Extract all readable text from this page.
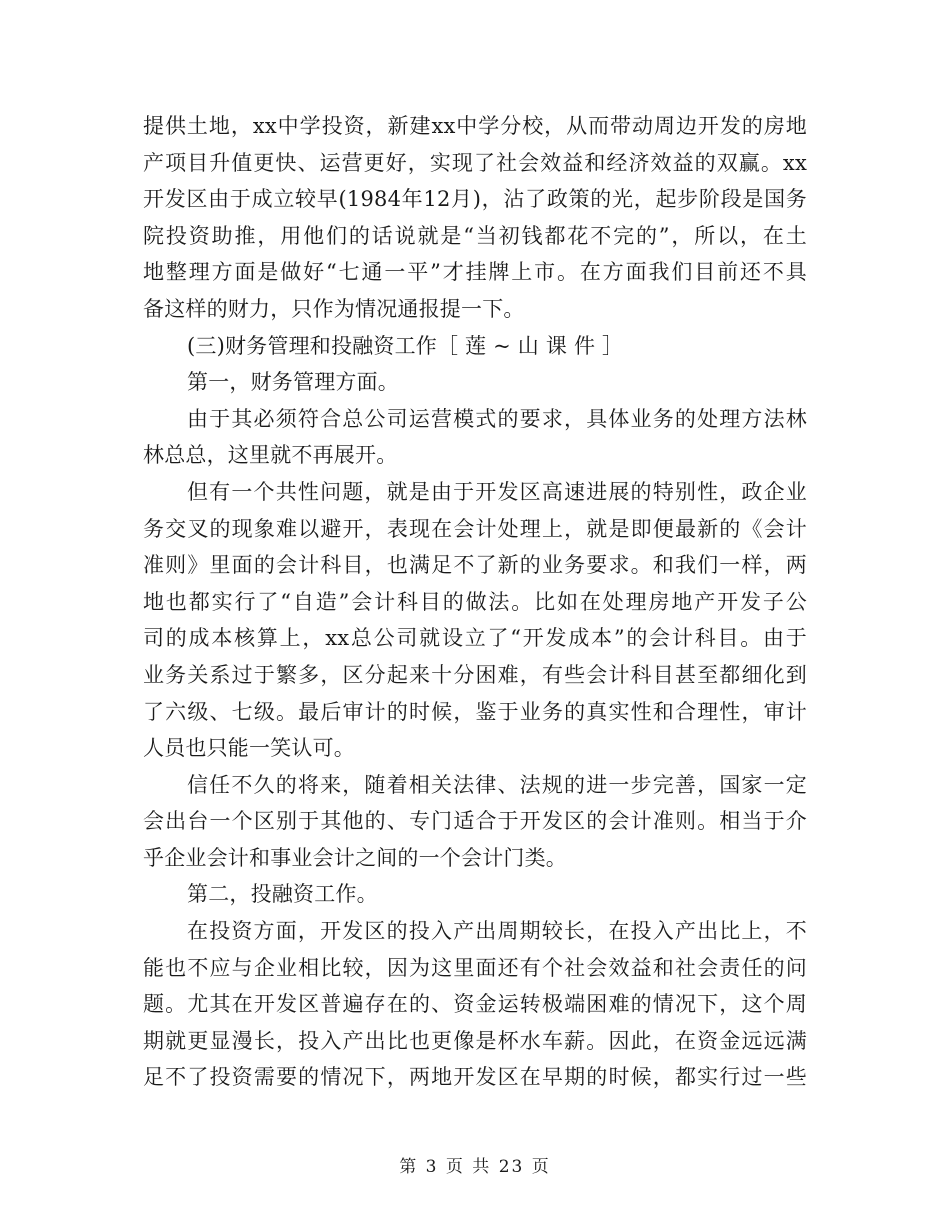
提供土地，xx中学投资，新建xx中学分校，从而带动周边开发的房地
产项目升值更快、运营更好，实现了社会效益和经济效益的双赢。xx
开发区由于成立较早(1984年12月)，沾了政策的光，起步阶段是国务
院投资助推，用他们的话说就是“当初钱都花不完的”，所以，在土
地整理方面是做好“七通一平”才挂牌上市。在方面我们目前还不具
备这样的财力，只作为情况通报提一下。
(三)财务管理和投融资工作［ 莲 ~ 山 课 件 ］
第一，财务管理方面。
由于其必须符合总公司运营模式的要求，具体业务的处理方法林
林总总，这里就不再展开。
但有一个共性问题，就是由于开发区高速进展的特别性，政企业
务交叉的现象难以避开，表现在会计处理上，就是即便最新的《会计
准则》里面的会计科目，也满足不了新的业务要求。和我们一样，两
地也都实行了“自造”会计科目的做法。比如在处理房地产开发子公
司的成本核算上，xx总公司就设立了“开发成本”的会计科目。由于
业务关系过于繁多，区分起来十分困难，有些会计科目甚至都细化到
了六级、七级。最后审计的时候，鉴于业务的真实性和合理性，审计
人员也只能一笑认可。
信任不久的将来，随着相关法律、法规的进一步完善，国家一定
会出台一个区别于其他的、专门适合于开发区的会计准则。相当于介
乎企业会计和事业会计之间的一个会计门类。
第二，投融资工作。
在投资方面，开发区的投入产出周期较长，在投入产出比上，不
能也不应与企业相比较，因为这里面还有个社会效益和社会责任的问
题。尤其在开发区普遍存在的、资金运转极端困难的情况下，这个周
期就更显漫长，投入产出比也更像是杯水车薪。因此，在资金远远满
足不了投资需要的情况下，两地开发区在早期的时候，都实行过一些
第 3 页 共 23 页
